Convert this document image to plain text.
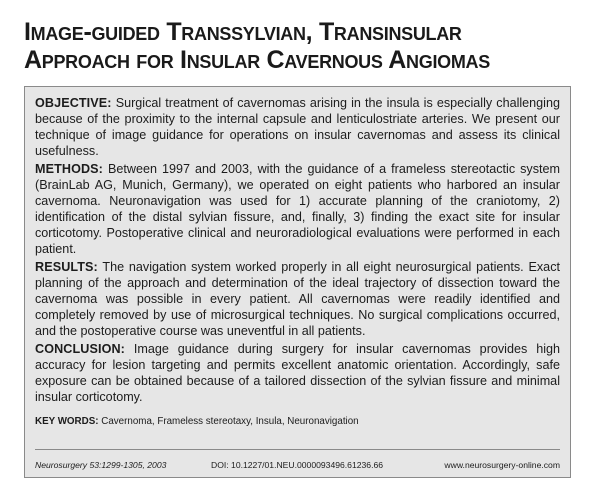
Image-guided Transsylvian, Transinsular
Approach for Insular Cavernous Angiomas

OBJECTIVE: Surgical treatment of cavernomas arising in the insula is especially challenging because of the proximity to the internal capsule and lenticulostriate arteries. We present our technique of image guidance for operations on insular cavernomas and assess its clinical usefulness.

METHODS: Between 1997 and 2003, with the guidance of a frameless stereotactic system (BrainLab AG, Munich, Germany), we operated on eight patients who harbored an insular cavernoma. Neuronavigation was used for 1) accurate planning of the craniotomy, 2) identification of the distal sylvian fissure, and, finally, 3) finding the exact site for insular corticotomy. Postoperative clinical and neuroradiological evaluations were performed in each patient.

RESULTS: The navigation system worked properly in all eight neurosurgical patients. Exact planning of the approach and determination of the ideal trajectory of dissection toward the cavernoma was possible in every patient. All cavernomas were readily identified and completely removed by use of microsurgical techniques. No surgical complications occurred, and the postoperative course was uneventful in all patients.

CONCLUSION: Image guidance during surgery for insular cavernomas provides high accuracy for lesion targeting and permits excellent anatomic orientation. Accordingly, safe exposure can be obtained because of a tailored dissection of the sylvian fissure and minimal insular corticotomy.

KEY WORDS: Cavernoma, Frameless stereotaxy, Insula, Neuronavigation
Neurosurgery 53:1299-1305, 2003	DOI: 10.1227/01.NEU.0000093496.61236.66	www.neurosurgery-online.com
